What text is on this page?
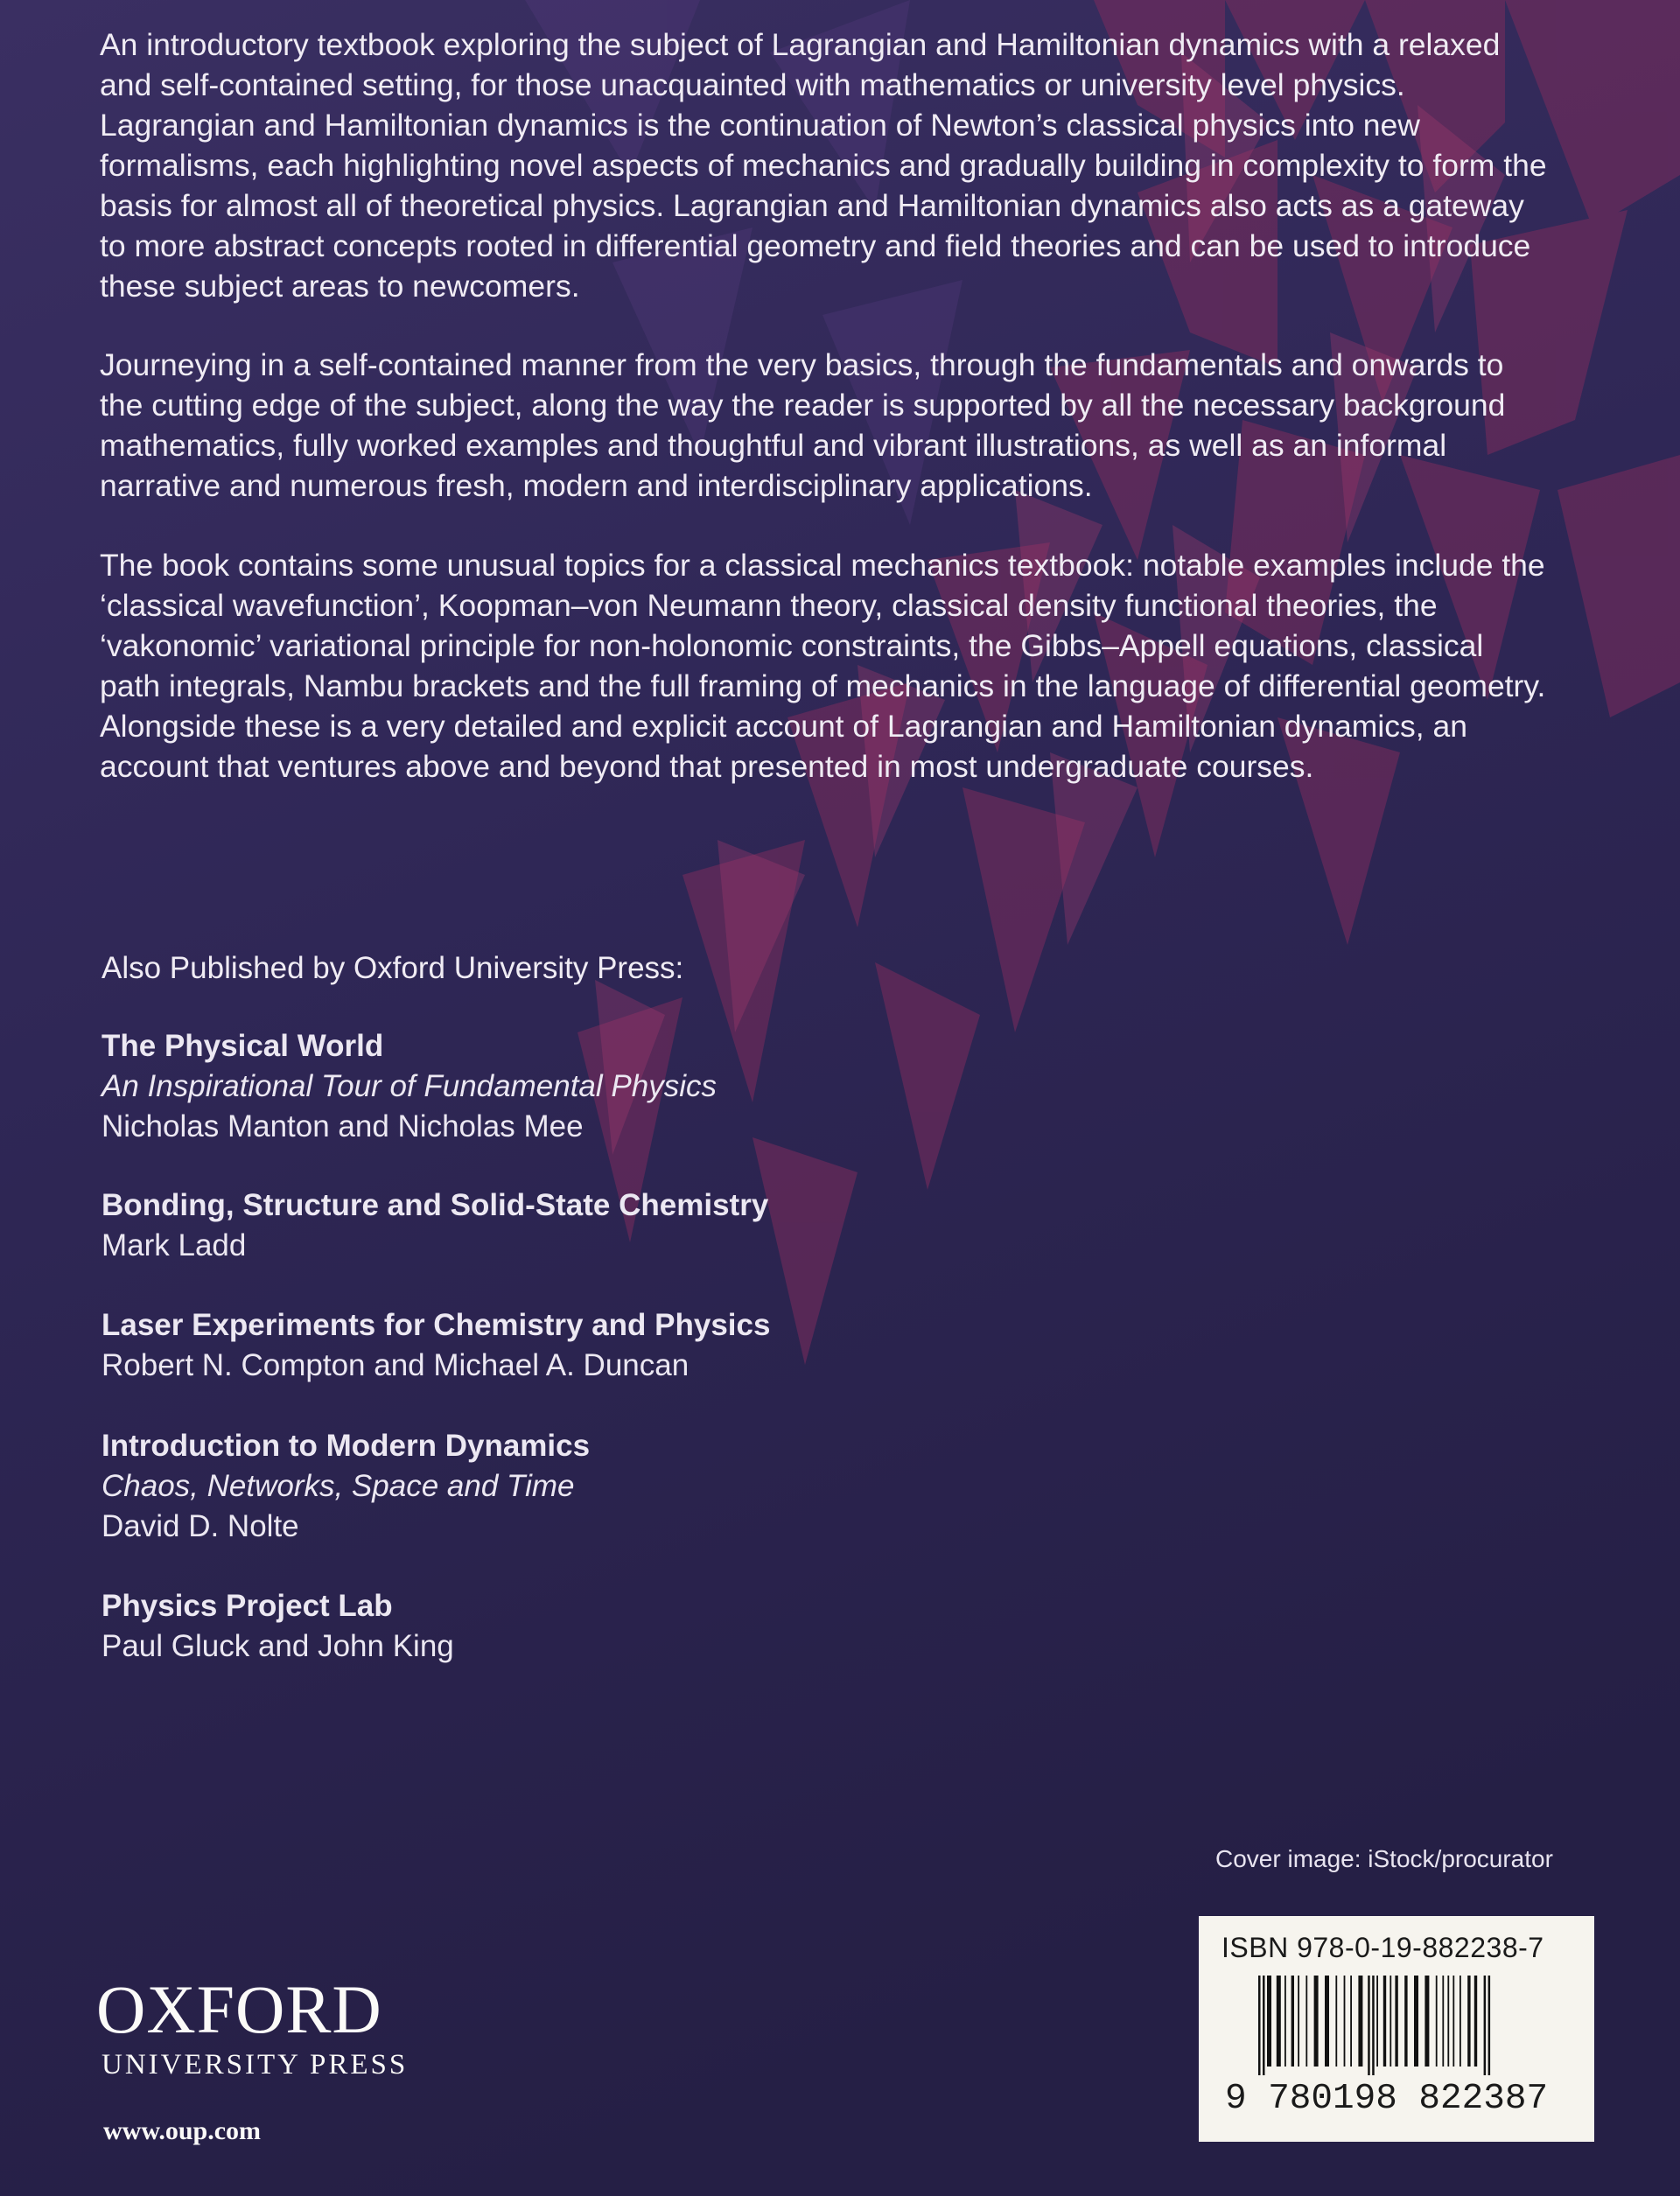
An introductory textbook exploring the subject of Lagrangian and Hamiltonian dynamics with a relaxed and self-contained setting, for those unacquainted with mathematics or university level physics. Lagrangian and Hamiltonian dynamics is the continuation of Newton’s classical physics into new formalisms, each highlighting novel aspects of mechanics and gradually building in complexity to form the basis for almost all of theoretical physics. Lagrangian and Hamiltonian dynamics also acts as a gateway to more abstract concepts rooted in differential geometry and field theories and can be used to introduce these subject areas to newcomers.

Journeying in a self-contained manner from the very basics, through the fundamentals and onwards to the cutting edge of the subject, along the way the reader is supported by all the necessary background mathematics, fully worked examples and thoughtful and vibrant illustrations, as well as an informal narrative and numerous fresh, modern and interdisciplinary applications.

The book contains some unusual topics for a classical mechanics textbook: notable examples include the ‘classical wavefunction’, Koopman–von Neumann theory, classical density functional theories, the ‘vakonomic’ variational principle for non-holonomic constraints, the Gibbs–Appell equations, classical path integrals, Nambu brackets and the full framing of mechanics in the language of differential geometry. Alongside these is a very detailed and explicit account of Lagrangian and Hamiltonian dynamics, an account that ventures above and beyond that presented in most undergraduate courses.

Also Published by Oxford University Press:
The Physical World
An Inspirational Tour of Fundamental Physics
Nicholas Manton and Nicholas Mee
Bonding, Structure and Solid-State Chemistry
Mark Ladd
Laser Experiments for Chemistry and Physics
Robert N. Compton and Michael A. Duncan
Introduction to Modern Dynamics
Chaos, Networks, Space and Time
David D. Nolte
Physics Project Lab
Paul Gluck and John King
Cover image: iStock/procurator
ISBN 978-0-19-882238-7
9 780198 822387
OXFORD
UNIVERSITY PRESS
www.oup.com
